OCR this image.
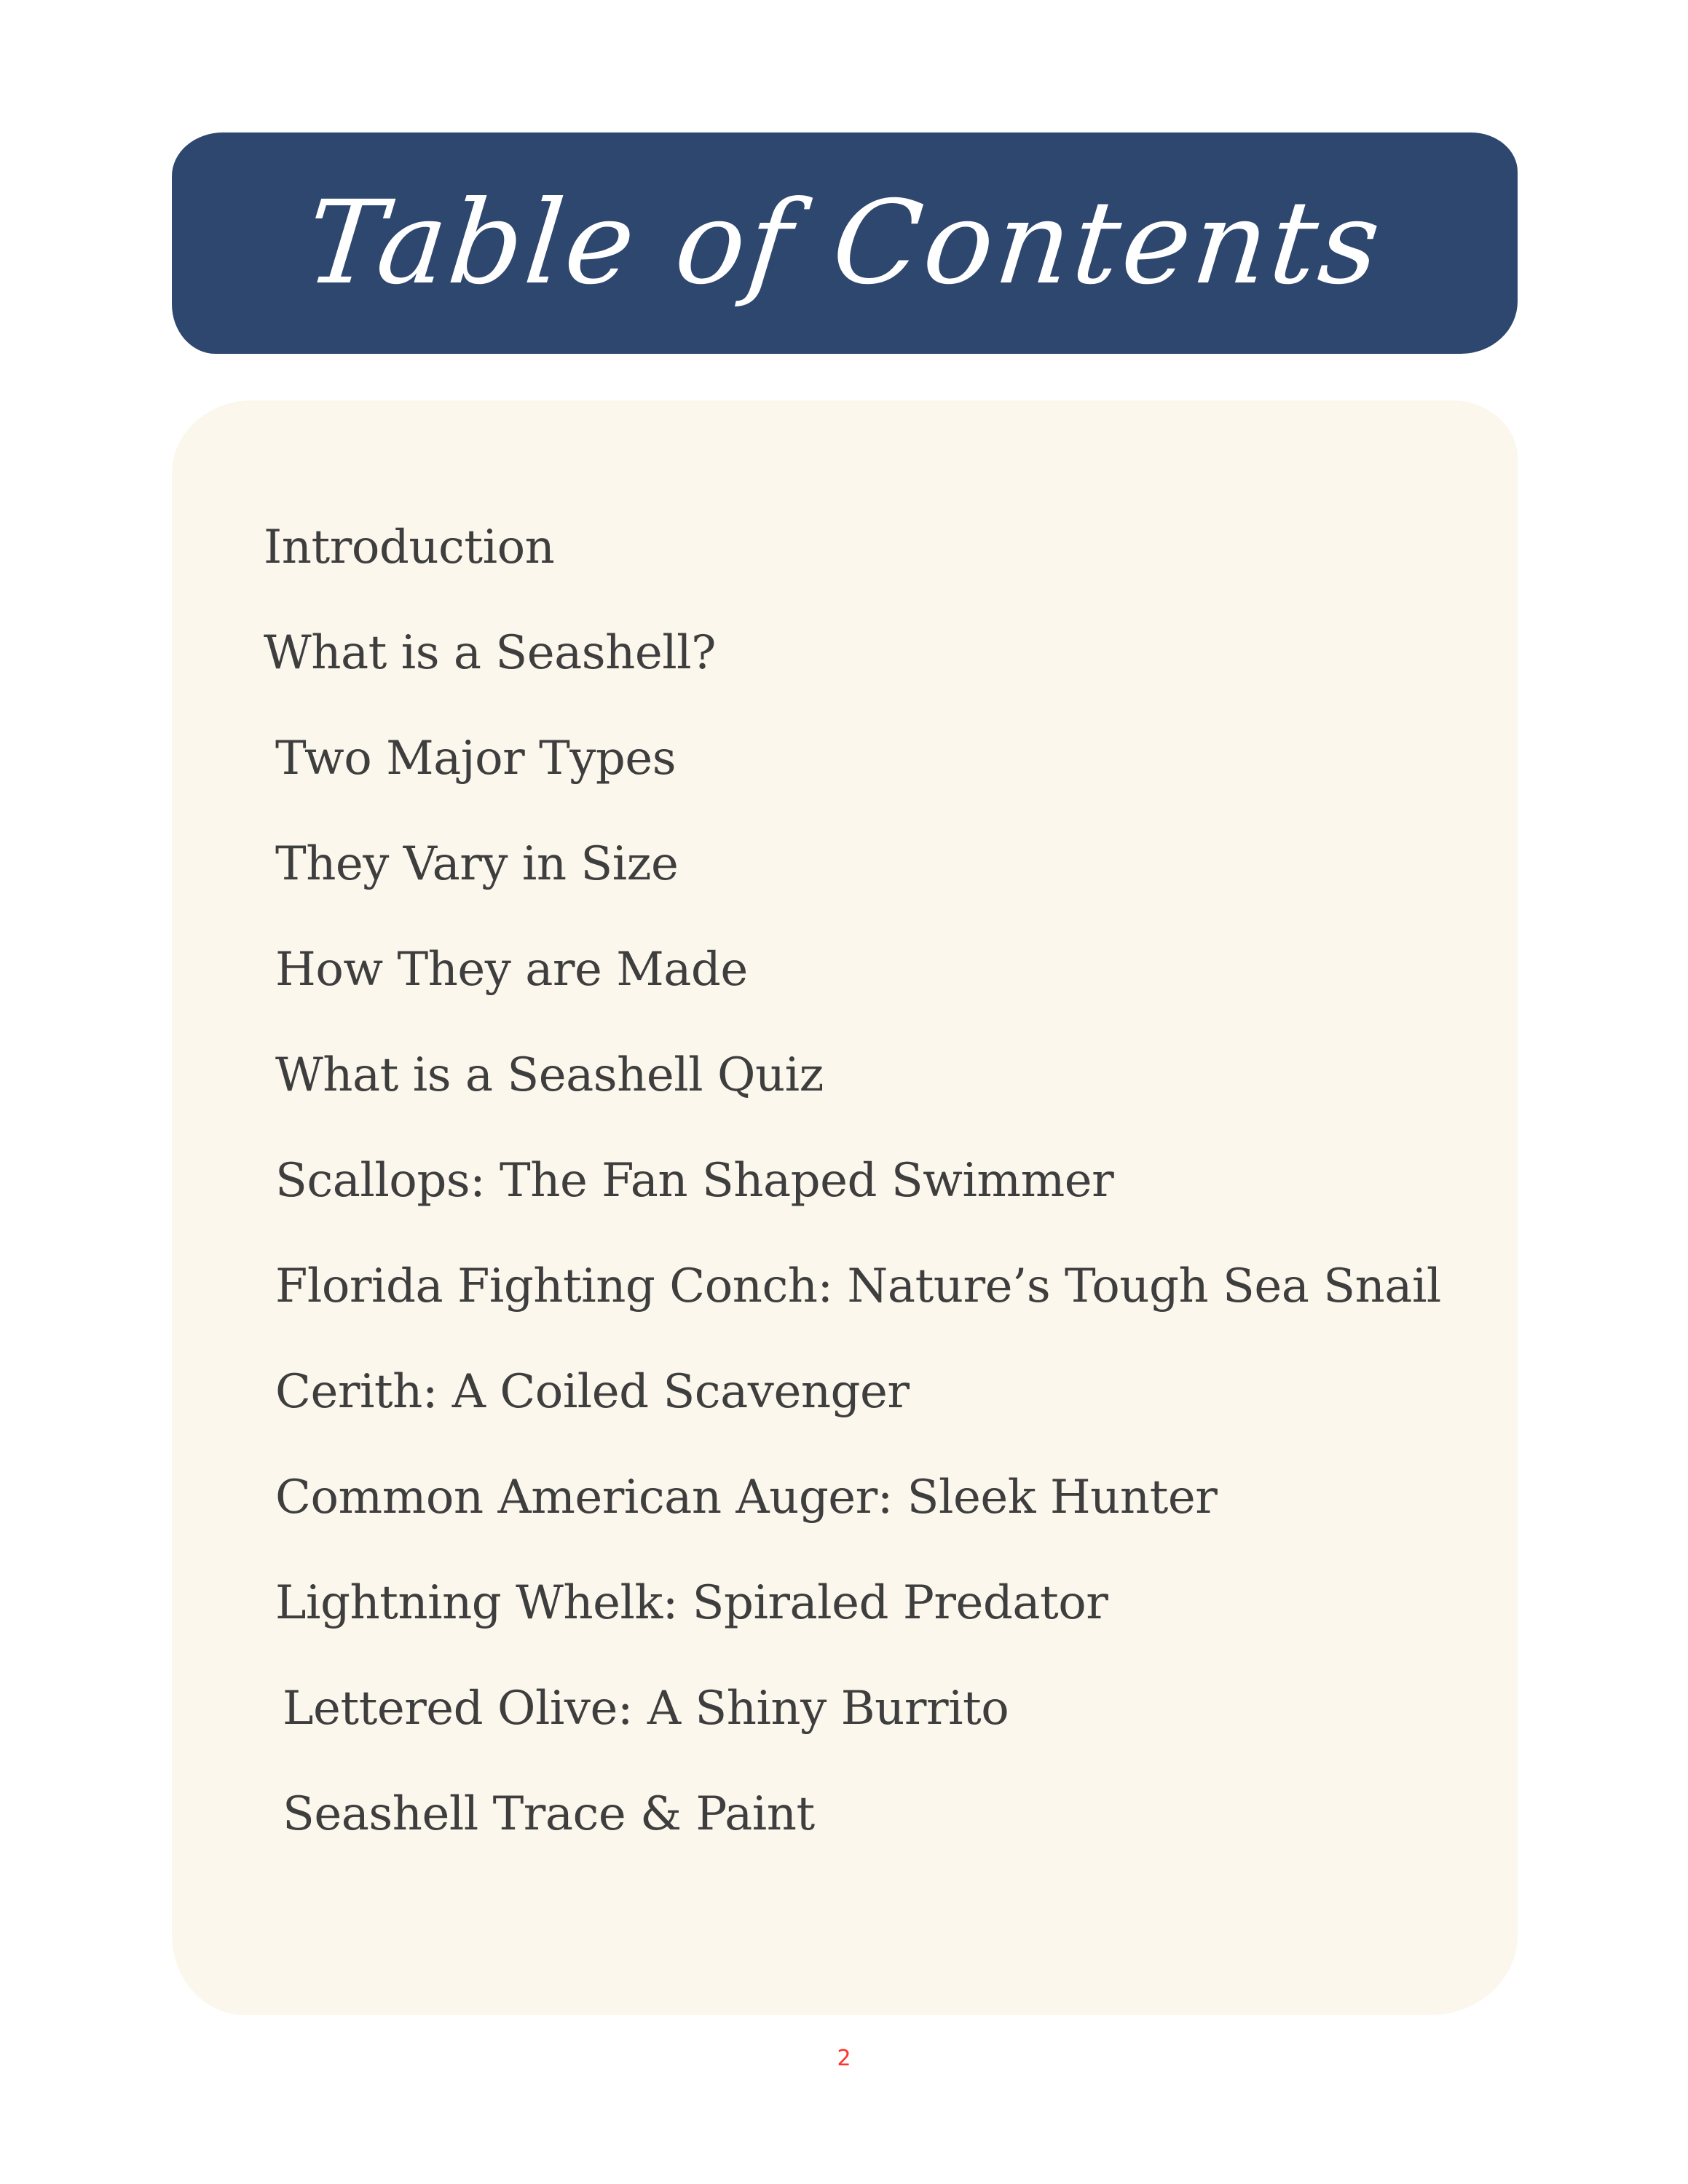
Table of Contents
Introduction
What is a Seashell?
Two Major Types
They Vary in Size
How They are Made
What is a Seashell Quiz
Scallops: The Fan Shaped Swimmer
Florida Fighting Conch: Nature’s Tough Sea Snail
Cerith: A Coiled Scavenger
Common American Auger: Sleek Hunter
Lightning Whelk: Spiraled Predator
Lettered Olive: A Shiny Burrito
Seashell Trace & Paint
2
